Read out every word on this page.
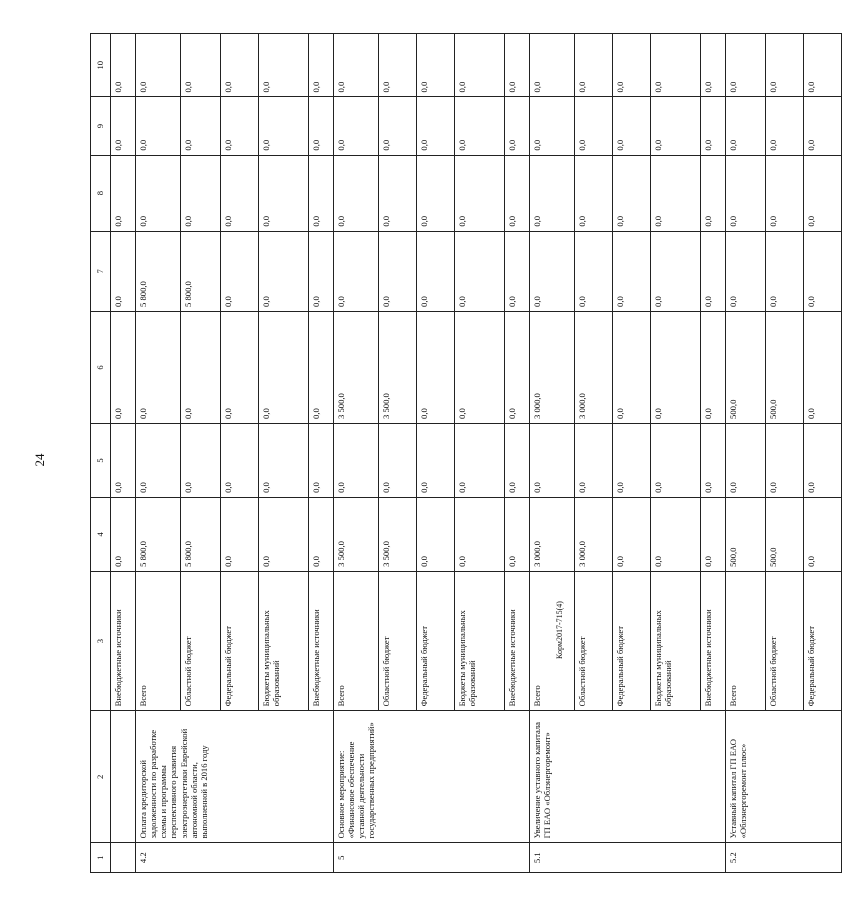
24
Корм2017-715(4)
1	2	3	4	5	6	7	8	9	10
		Внебюджетные источники	0,0	0,0	0,0	0,0	0,0	0,0	0,0
4.2	Оплата кредиторской задолженности по разработке схемы и программы перспективного развития электроэнергетики Еврейской автономной области, выполненной в 2016 году	Всего	5 800,0	0,0	0,0	5 800,0	0,0	0,0	0,0
		Областной бюджет	5 800,0	0,0	0,0	5 800,0	0,0	0,0	0,0
		Федеральный бюджет	0,0	0,0	0,0	0,0	0,0	0,0	0,0
		Бюджеты муниципальных образований	0,0	0,0	0,0	0,0	0,0	0,0	0,0
		Внебюджетные источники	0,0	0,0	0,0	0,0	0,0	0,0	0,0
5	Основное мероприятие: «Финансовое обеспечение уставной деятельности государственных предприятий»	Всего	3 500,0	0,0	3 500,0	0,0	0,0	0,0	0,0
		Областной бюджет	3 500,0	0,0	3 500,0	0,0	0,0	0,0	0,0
		Федеральный бюджет	0,0	0,0	0,0	0,0	0,0	0,0	0,0
		Бюджеты муниципальных образований	0,0	0,0	0,0	0,0	0,0	0,0	0,0
		Внебюджетные источники	0,0	0,0	0,0	0,0	0,0	0,0	0,0
5.1	Увеличение уставного капитала ГП ЕАО «Облэнергоремонт»	Всего	3 000,0	0,0	3 000,0	0,0	0,0	0,0	0,0
		Областной бюджет	3 000,0	0,0	3 000,0	0,0	0,0	0,0	0,0
		Федеральный бюджет	0,0	0,0	0,0	0,0	0,0	0,0	0,0
		Бюджеты муниципальных образований	0,0	0,0	0,0	0,0	0,0	0,0	0,0
		Внебюджетные источники	0,0	0,0	0,0	0,0	0,0	0,0	0,0
5.2	Уставный капитал ГП ЕАО «Облэнергоремонт плюс»	Всего	500,0	0,0	500,0	0,0	0,0	0,0	0,0
		Областной бюджет	500,0	0,0	500,0	0,0	0,0	0,0	0,0
		Федеральный бюджет	0,0	0,0	0,0	0,0	0,0	0,0	0,0
